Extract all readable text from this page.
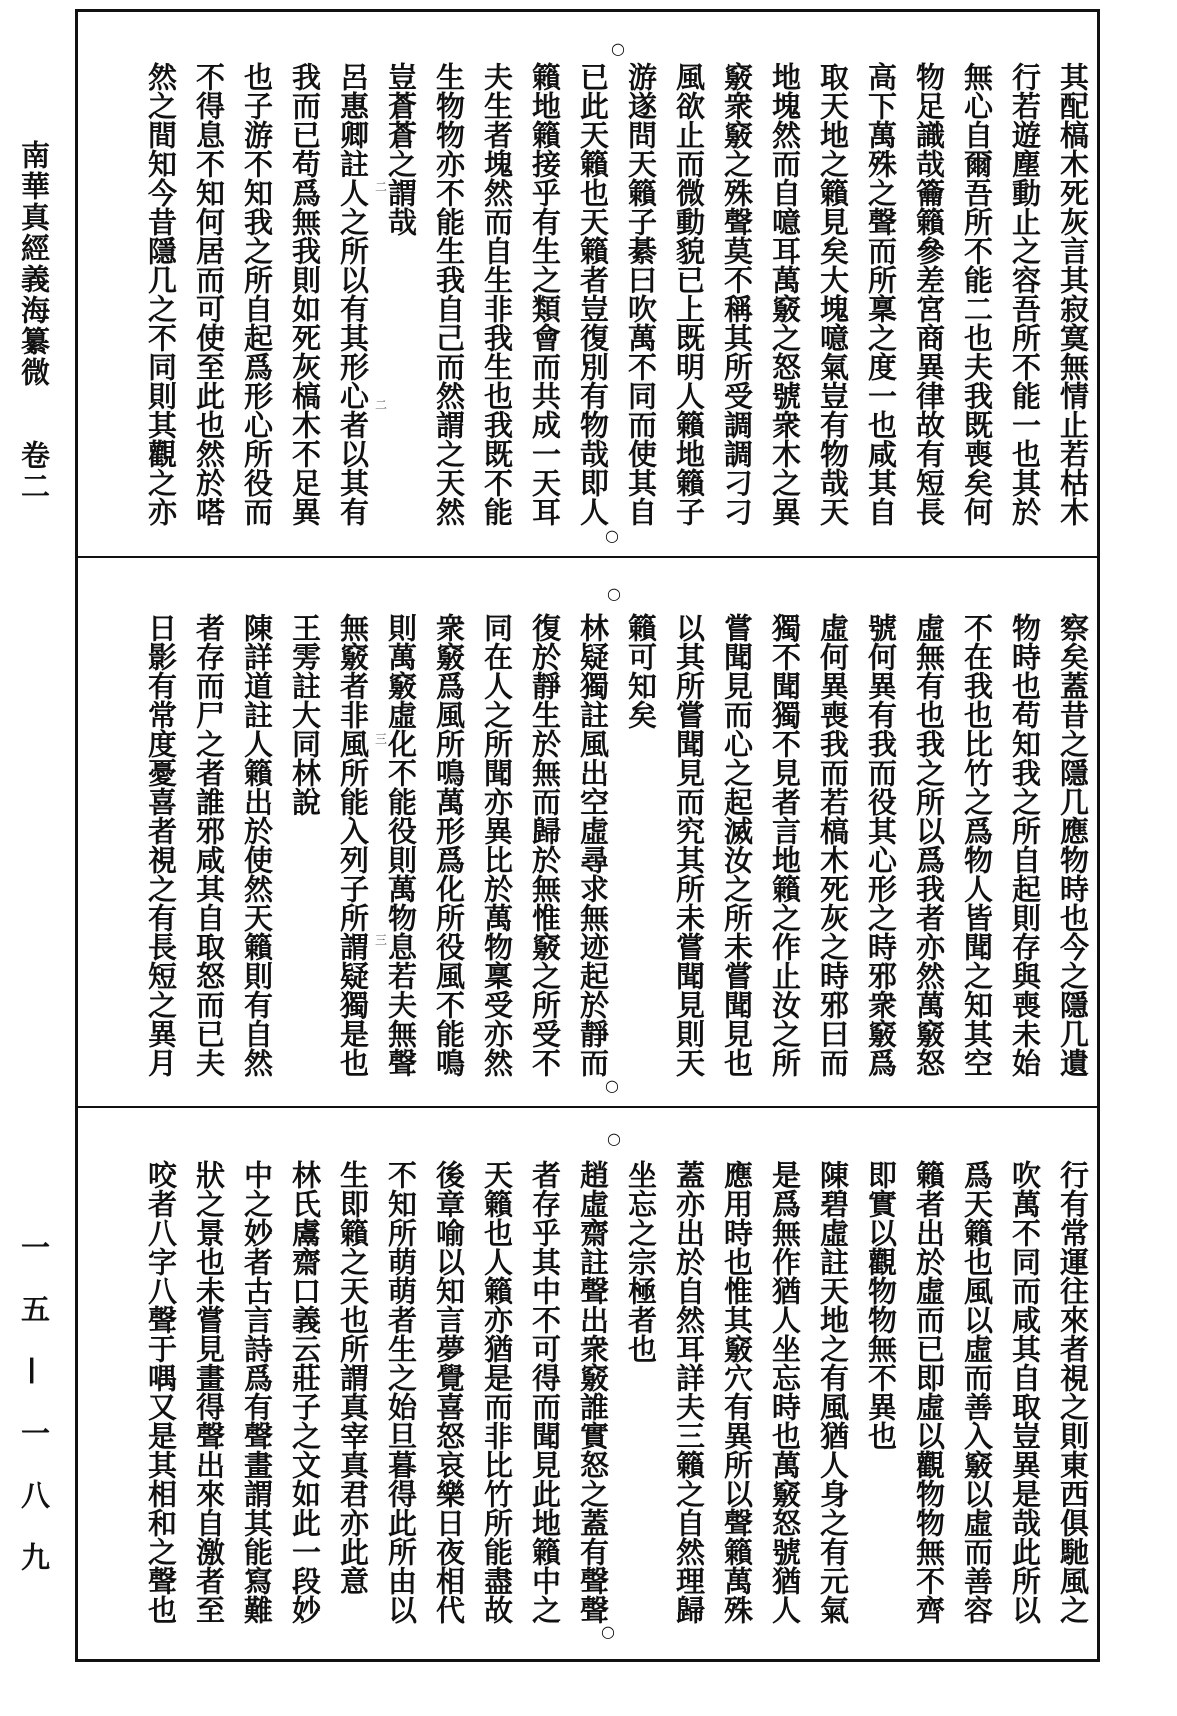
南華真經義海纂微
卷二
一五—一八九
其配槁木死灰言其寂寞無情止若枯木
行若遊塵動止之容吾所不能一也其於
無心自爾吾所不能二也夫我既喪矣何
物足識哉籥籟參差宮商異律故有短長
高下萬殊之聲而所稟之度一也咸其自
取天地之籟見矣大塊噫氣豈有物哉天
地塊然而自噫耳萬竅之怒號衆木之異
竅衆竅之殊聲莫不稱其所受調調刁刁
風欲止而微動貌已上既明人籟地籟子
游遂問天籟子綦曰吹萬不同而使其自
已此天籟也天籟者豈復別有物哉即人
籟地籟接乎有生之類會而共成一天耳
夫生者塊然而自生非我生也我既不能
生物物亦不能生我自己而然謂之天然
豈蒼蒼之謂哉
呂惠卿註人之所以有其形心者以其有
我而已苟爲無我則如死灰槁木不足異
也子游不知我之所自起爲形心所役而
不得息不知何居而可使至此也然於嗒
然之間知今昔隱几之不同則其觀之亦
察矣蓋昔之隱几應物時也今之隱几遺
物時也苟知我之所自起則存與喪未始
不在我也比竹之爲物人皆聞之知其空
虛無有也我之所以爲我者亦然萬竅怒
號何異有我而役其心形之時邪衆竅爲
虛何異喪我而若槁木死灰之時邪曰而
獨不聞獨不見者言地籟之作止汝之所
嘗聞見而心之起滅汝之所未嘗聞見也
以其所嘗聞見而究其所未嘗聞見則天
籟可知矣
林疑獨註風出空虛尋求無迹起於靜而
復於靜生於無而歸於無惟竅之所受不
同在人之所聞亦異比於萬物稟受亦然
衆竅爲風所鳴萬形爲化所役風不能鳴
則萬竅虛化不能役則萬物息若夫無聲
無竅者非風所能入列子所謂疑獨是也
王雱註大同林說
陳詳道註人籟出於使然天籟則有自然
者存而尸之者誰邪咸其自取怒而已夫
日影有常度憂喜者視之有長短之異月
行有常運往來者視之則東西俱馳風之
吹萬不同而咸其自取豈異是哉此所以
爲天籟也風以虛而善入竅以虛而善容
籟者出於虛而已即虛以觀物物無不齊
即實以觀物物無不異也
陳碧虛註天地之有風猶人身之有元氣
是爲無作猶人坐忘時也萬竅怒號猶人
應用時也惟其竅穴有異所以聲籟萬殊
蓋亦出於自然耳詳夫三籟之自然理歸
坐忘之宗極者也
趙虛齋註聲出衆竅誰實怒之蓋有聲聲
者存乎其中不可得而聞見此地籟中之
天籟也人籟亦猶是而非比竹所能盡故
後章喻以知言夢覺喜怒哀樂日夜相代
不知所萌萌者生之始旦暮得此所由以
生即籟之天也所謂真宰真君亦此意
林氏鬳齋口義云莊子之文如此一段妙
中之妙者古言詩爲有聲畫謂其能寫難
狀之景也未嘗見畫得聲出來自激者至
咬者八字八聲于喁又是其相和之聲也
○
○
○
○
○
○
二
二
三
三
